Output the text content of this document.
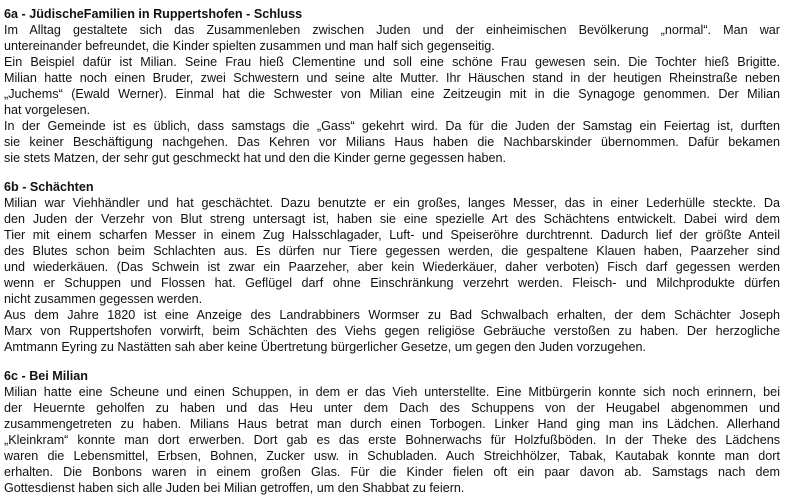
6a - JüdischeFamilien in Ruppertshofen - Schluss
Im Alltag gestaltete sich das Zusammenleben zwischen Juden und der einheimischen Bevölkerung „normal“. Man war
untereinander befreundet, die Kinder spielten zusammen und man half sich gegenseitig.
Ein Beispiel dafür ist Milian. Seine Frau hieß Clementine und soll eine schöne Frau gewesen sein. Die Tochter hieß Brigitte.
Milian hatte noch einen Bruder, zwei Schwestern und seine alte Mutter. Ihr Häuschen stand in der heutigen Rheinstraße neben
„Juchems“ (Ewald Werner). Einmal hat die Schwester von Milian eine Zeitzeugin mit in die Synagoge genommen. Der Milian
hat vorgelesen.
In der Gemeinde ist es üblich, dass samstags die „Gass“ gekehrt wird. Da für die Juden der Samstag ein Feiertag ist, durften
sie keiner Beschäftigung nachgehen. Das Kehren vor Milians Haus haben die Nachbarskinder übernommen. Dafür bekamen
sie stets Matzen, der sehr gut geschmeckt hat und den die Kinder gerne gegessen haben.
6b - Schächten
Milian war Viehhändler und hat geschächtet. Dazu benutzte er ein großes, langes Messer, das in einer Lederhülle steckte. Da
den Juden der Verzehr von Blut streng untersagt ist, haben sie eine spezielle Art des Schächtens entwickelt. Dabei wird dem
Tier mit einem scharfen Messer in einem Zug Halsschlagader, Luft- und Speiseröhre durchtrennt. Dadurch lief der größte Anteil
des Blutes schon beim Schlachten aus. Es dürfen nur Tiere gegessen werden, die gespaltene Klauen haben, Paarzeher sind
und wiederkäuen. (Das Schwein ist zwar ein Paarzeher, aber kein Wiederkäuer, daher verboten) Fisch darf gegessen werden
wenn er Schuppen und Flossen hat. Geflügel darf ohne Einschränkung verzehrt werden. Fleisch- und Milchprodukte dürfen
nicht zusammen gegessen werden.
Aus dem Jahre 1820 ist eine Anzeige des Landrabbiners Wormser zu Bad Schwalbach erhalten, der dem Schächter Joseph
Marx von Ruppertshofen vorwirft, beim Schächten des Viehs gegen religiöse Gebräuche verstoßen zu haben. Der herzogliche
Amtmann Eyring zu Nastätten sah aber keine Übertretung bürgerlicher Gesetze, um gegen den Juden vorzugehen.
6c - Bei Milian
Milian hatte eine Scheune und einen Schuppen, in dem er das Vieh unterstellte. Eine Mitbürgerin konnte sich noch erinnern, bei
der Heuernte geholfen zu haben und das Heu unter dem Dach des Schuppens von der Heugabel abgenommen und
zusammengetreten zu haben. Milians Haus betrat man durch einen Torbogen. Linker Hand ging man ins Lädchen. Allerhand
„Kleinkram“ konnte man dort erwerben. Dort gab es das erste Bohnerwachs für Holzfußböden. In der Theke des Lädchens
waren die Lebensmittel, Erbsen, Bohnen, Zucker usw. in Schubladen. Auch Streichhölzer, Tabak, Kautabak konnte man dort
erhalten. Die Bonbons waren in einem großen Glas. Für die Kinder fielen oft ein paar davon ab. Samstags nach dem
Gottesdienst haben sich alle Juden bei Milian getroffen, um den Shabbat zu feiern.
